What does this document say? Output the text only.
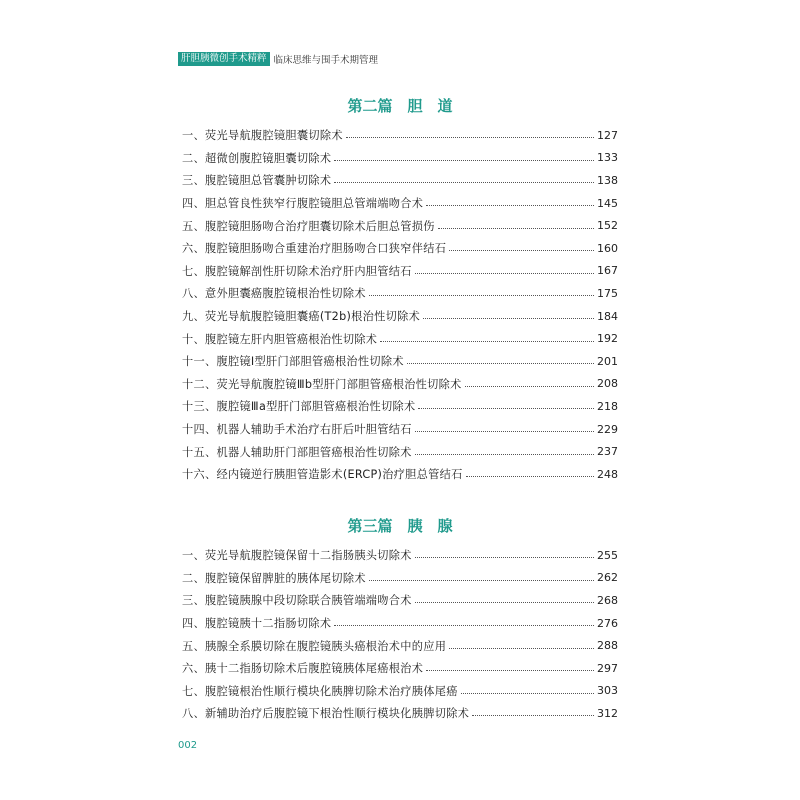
肝胆胰微创手术精粹 临床思维与围手术期管理
第二篇　胆　道
一、荧光导航腹腔镜胆囊切除术	127
二、超微创腹腔镜胆囊切除术	133
三、腹腔镜胆总管囊肿切除术	138
四、胆总管良性狭窄行腹腔镜胆总管端端吻合术	145
五、腹腔镜胆肠吻合治疗胆囊切除术后胆总管损伤	152
六、腹腔镜胆肠吻合重建治疗胆肠吻合口狭窄伴结石	160
七、腹腔镜解剖性肝切除术治疗肝内胆管结石	167
八、意外胆囊癌腹腔镜根治性切除术	175
九、荧光导航腹腔镜胆囊癌(T2b)根治性切除术	184
十、腹腔镜左肝内胆管癌根治性切除术	192
十一、腹腔镜Ⅰ型肝门部胆管癌根治性切除术	201
十二、荧光导航腹腔镜Ⅲb型肝门部胆管癌根治性切除术	208
十三、腹腔镜Ⅲa型肝门部胆管癌根治性切除术	218
十四、机器人辅助手术治疗右肝后叶胆管结石	229
十五、机器人辅助肝门部胆管癌根治性切除术	237
十六、经内镜逆行胰胆管造影术(ERCP)治疗胆总管结石	248
第三篇　胰　腺
一、荧光导航腹腔镜保留十二指肠胰头切除术	255
二、腹腔镜保留脾脏的胰体尾切除术	262
三、腹腔镜胰腺中段切除联合胰管端端吻合术	268
四、腹腔镜胰十二指肠切除术	276
五、胰腺全系膜切除在腹腔镜胰头癌根治术中的应用	288
六、胰十二指肠切除术后腹腔镜胰体尾癌根治术	297
七、腹腔镜根治性顺行模块化胰脾切除术治疗胰体尾癌	303
八、新辅助治疗后腹腔镜下根治性顺行模块化胰脾切除术	312
002
